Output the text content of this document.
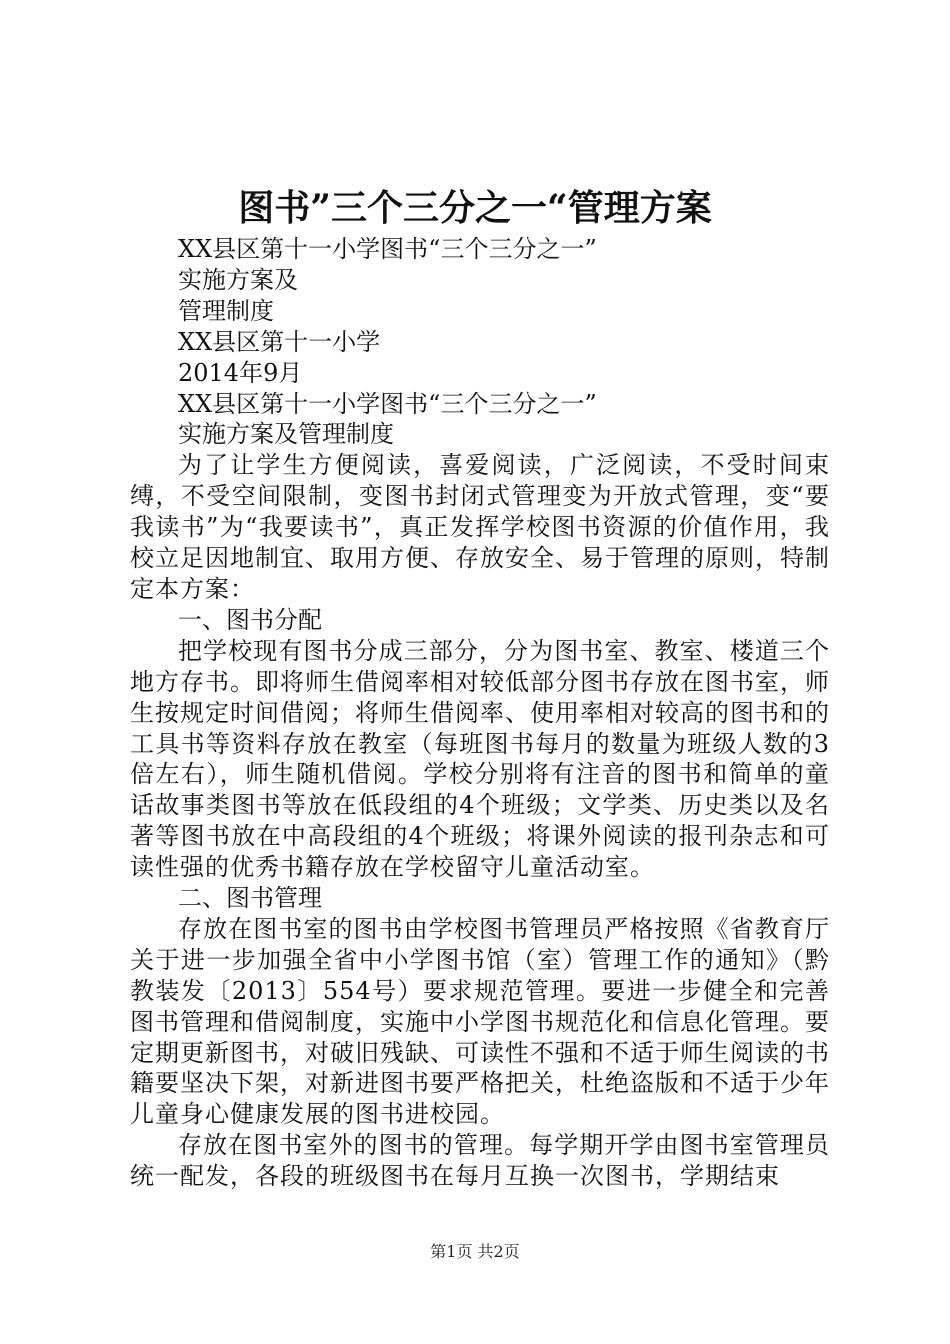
图书”三个三分之一“管理方案

XX县区第十一小学图书“三个三分之一”

实施方案及

管理制度

XX县区第十一小学

2014年9月

XX县区第十一小学图书“三个三分之一”

实施方案及管理制度

为了让学生方便阅读，喜爱阅读，广泛阅读，不受时间束缚，不受空间限制，变图书封闭式管理变为开放式管理，变“要我读书”为“我要读书”，真正发挥学校图书资源的价值作用，我校立足因地制宜、取用方便、存放安全、易于管理的原则，特制定本方案：

一、图书分配

把学校现有图书分成三部分，分为图书室、教室、楼道三个地方存书。即将师生借阅率相对较低部分图书存放在图书室，师生按规定时间借阅；将师生借阅率、使用率相对较高的图书和的工具书等资料存放在教室（每班图书每月的数量为班级人数的3倍左右），师生随机借阅。学校分别将有注音的图书和简单的童话故事类图书等放在低段组的4个班级；文学类、历史类以及名著等图书放在中高段组的4个班级；将课外阅读的报刊杂志和可读性强的优秀书籍存放在学校留守儿童活动室。

二、图书管理

存放在图书室的图书由学校图书管理员严格按照《省教育厅关于进一步加强全省中小学图书馆（室）管理工作的通知》（黔教装发〔2013〕554号）要求规范管理。要进一步健全和完善图书管理和借阅制度，实施中小学图书规范化和信息化管理。要定期更新图书，对破旧残缺、可读性不强和不适于师生阅读的书籍要坚决下架，对新进图书要严格把关，杜绝盗版和不适于少年儿童身心健康发展的图书进校园。

存放在图书室外的图书的管理。每学期开学由图书室管理员统一配发，各段的班级图书在每月互换一次图书，学期结束

第1页 共2页
